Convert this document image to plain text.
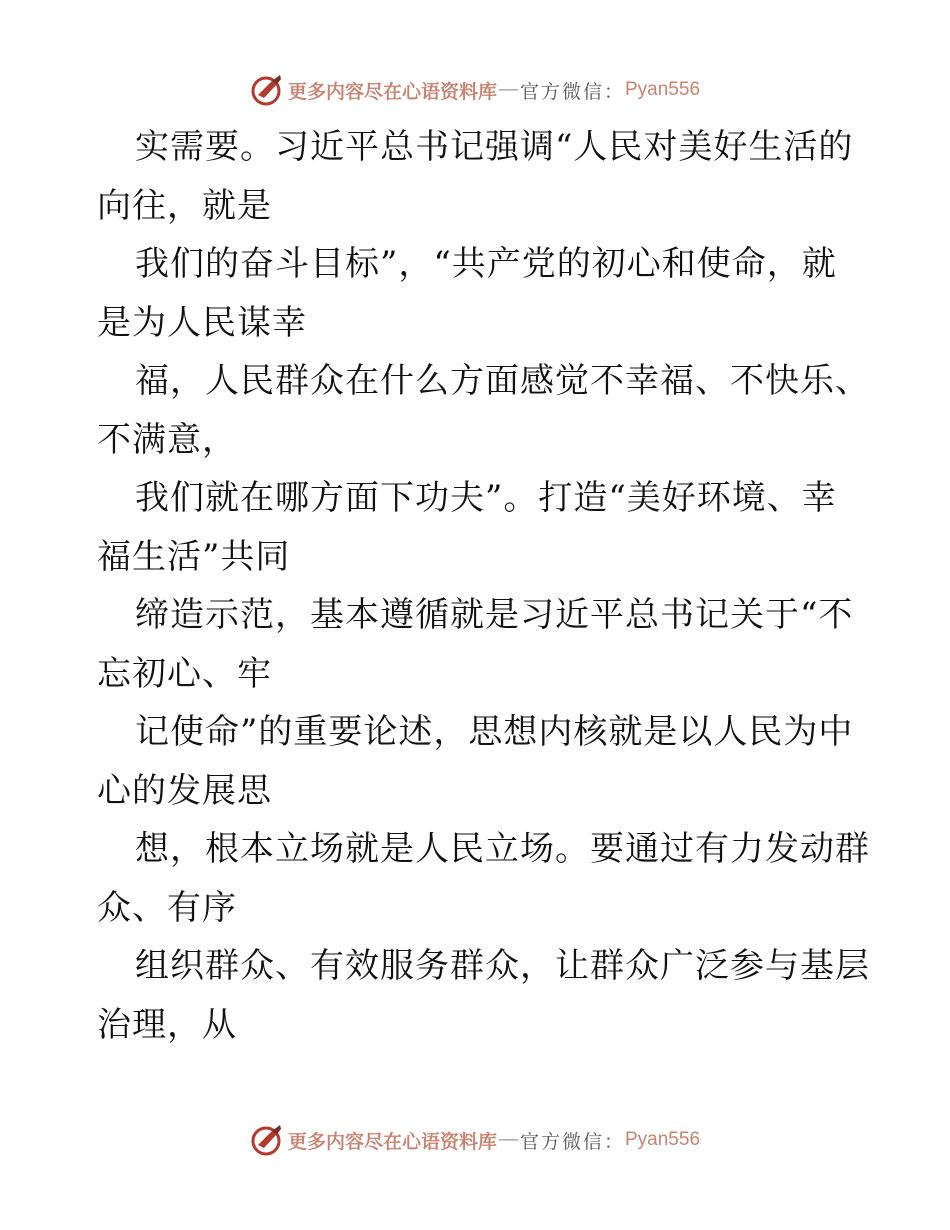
更多内容尽在心语资料库 — 官方微信： Pyan556
实需要。习近平总书记强调“人民对美好生活的
向往，就是
我们的奋斗目标”，“共产党的初心和使命，就
是为人民谋幸
福，人民群众在什么方面感觉不幸福、不快乐、
不满意，
我们就在哪方面下功夫”。打造“美好环境、幸
福生活”共同
缔造示范，基本遵循就是习近平总书记关于“不
忘初心、牢
记使命”的重要论述，思想内核就是以人民为中
心的发展思
想，根本立场就是人民立场。要通过有力发动群
众、有序
组织群众、有效服务群众，让群众广泛参与基层
治理，从
更多内容尽在心语资料库 — 官方微信： Pyan556
